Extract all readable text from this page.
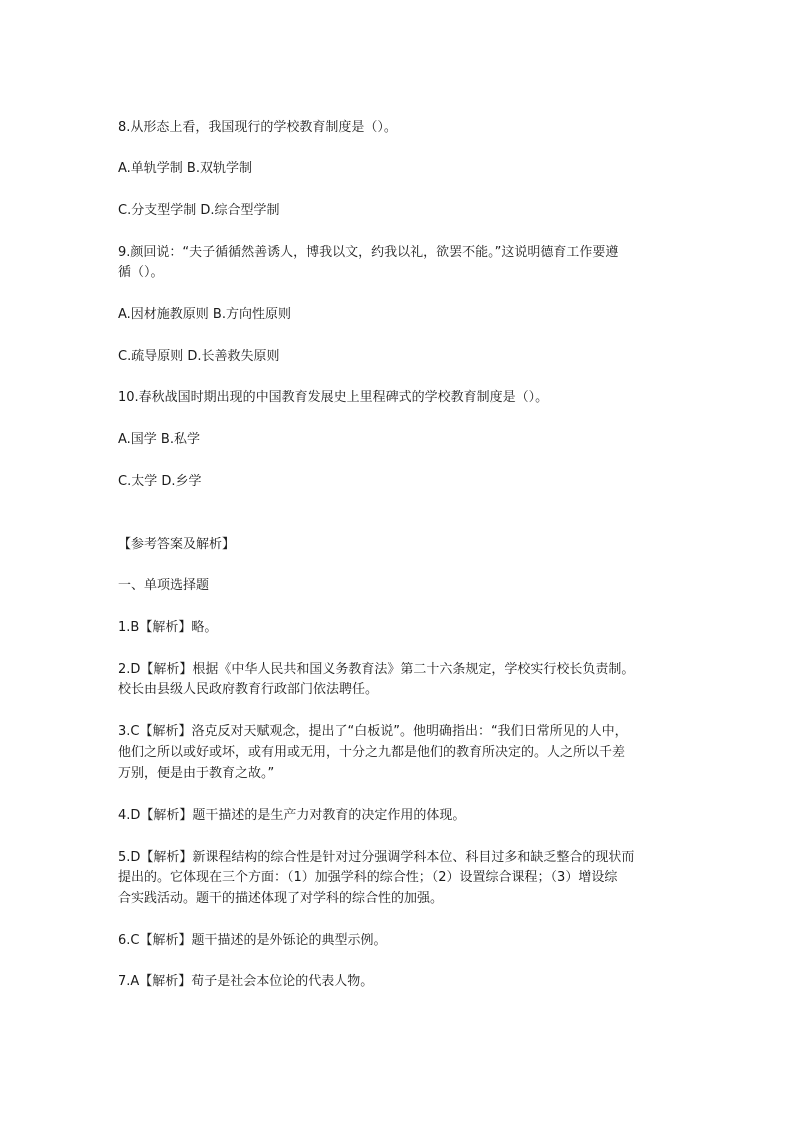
8.从形态上看，我国现行的学校教育制度是（）。

A.单轨学制 B.双轨学制

C.分支型学制 D.综合型学制

9.颜回说：“夫子循循然善诱人，博我以文，约我以礼，欲罢不能。”这说明德育工作要遵

循（）。

A.因材施教原则 B.方向性原则

C.疏导原则 D.长善救失原则

10.春秋战国时期出现的中国教育发展史上里程碑式的学校教育制度是（）。

A.国学 B.私学

C.太学 D.乡学

【参考答案及解析】

一、单项选择题

1.B【解析】略。

2.D【解析】根据《中华人民共和国义务教育法》第二十六条规定，学校实行校长负责制。

校长由县级人民政府教育行政部门依法聘任。

3.C【解析】洛克反对天赋观念，提出了“白板说”。他明确指出：“我们日常所见的人中，

他们之所以或好或坏，或有用或无用，十分之九都是他们的教育所决定的。人之所以千差

万别，便是由于教育之故。”

4.D【解析】题干描述的是生产力对教育的决定作用的体现。

5.D【解析】新课程结构的综合性是针对过分强调学科本位、科目过多和缺乏整合的现状而

提出的。它体现在三个方面：（1）加强学科的综合性；（2）设置综合课程；（3）增设综

合实践活动。题干的描述体现了对学科的综合性的加强。

6.C【解析】题干描述的是外铄论的典型示例。

7.A【解析】荀子是社会本位论的代表人物。
